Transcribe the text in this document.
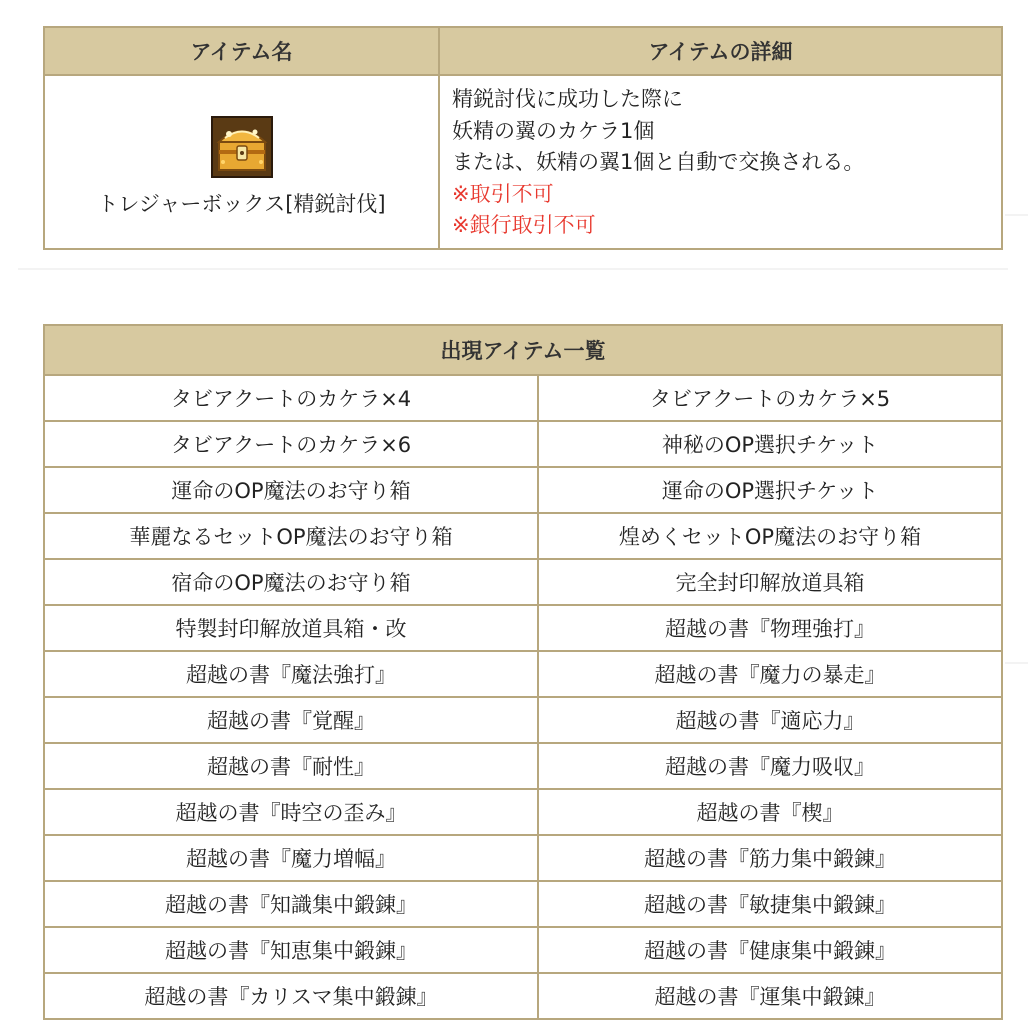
アイテム名	アイテムの詳細

トレジャーボックス[精鋭討伐]	精鋭討伐に成功した際に
妖精の翼のカケラ1個
または、妖精の翼1個と自動で交換される。
※取引不可
※銀行取引不可
出現アイテム一覧	
タビアクートのカケラ×4	タビアクートのカケラ×5
タビアクートのカケラ×6	神秘のOP選択チケット
運命のOP魔法のお守り箱	運命のOP選択チケット
華麗なるセットOP魔法のお守り箱	煌めくセットOP魔法のお守り箱
宿命のOP魔法のお守り箱	完全封印解放道具箱
特製封印解放道具箱・改	超越の書『物理強打』
超越の書『魔法強打』	超越の書『魔力の暴走』
超越の書『覚醒』	超越の書『適応力』
超越の書『耐性』	超越の書『魔力吸収』
超越の書『時空の歪み』	超越の書『楔』
超越の書『魔力増幅』	超越の書『筋力集中鍛錬』
超越の書『知識集中鍛錬』	超越の書『敏捷集中鍛錬』
超越の書『知恵集中鍛錬』	超越の書『健康集中鍛錬』
超越の書『カリスマ集中鍛錬』	超越の書『運集中鍛錬』
